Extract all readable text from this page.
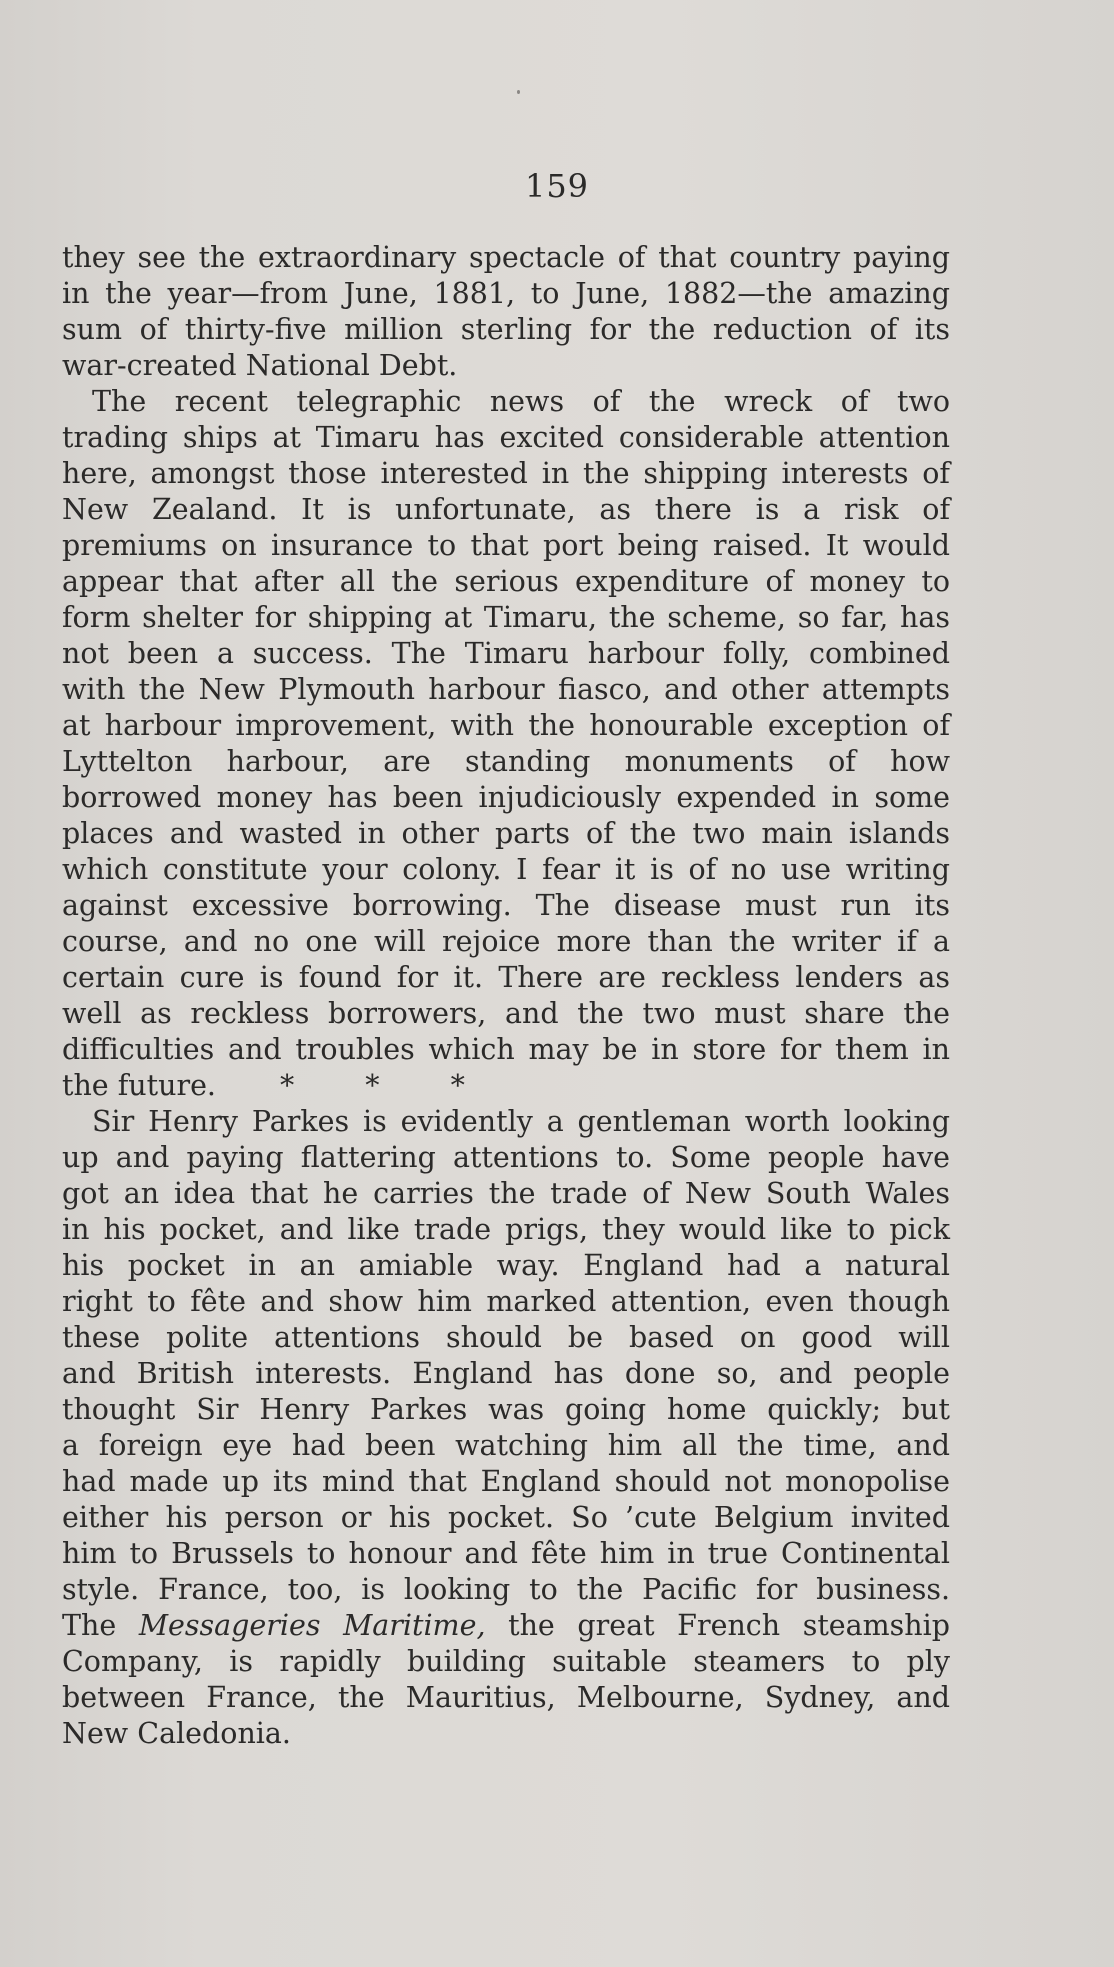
159
they see the extraordinary spectacle of that country paying
in the year—from June, 1881, to June, 1882—the amazing
sum of thirty-five million sterling for the reduction of its
war-created National Debt.
The recent telegraphic news of the wreck of two
trading ships at Timaru has excited considerable attention
here, amongst those interested in the shipping interests of
New Zealand. It is unfortunate, as there is a risk of
premiums on insurance to that port being raised. It would
appear that after all the serious expenditure of money to
form shelter for shipping at Timaru, the scheme, so far, has
not been a success. The Timaru harbour folly, combined
with the New Plymouth harbour fiasco, and other attempts
at harbour improvement, with the honourable exception of
Lyttelton harbour, are standing monuments of how
borrowed money has been injudiciously expended in some
places and wasted in other parts of the two main islands
which constitute your colony. I fear it is of no use writing
against excessive borrowing. The disease must run its
course, and no one will rejoice more than the writer if a
certain cure is found for it. There are reckless lenders as
well as reckless borrowers, and the two must share the
difficulties and troubles which may be in store for them in
the future. * * *
Sir Henry Parkes is evidently a gentleman worth looking
up and paying flattering attentions to. Some people have
got an idea that he carries the trade of New South Wales
in his pocket, and like trade prigs, they would like to pick
his pocket in an amiable way. England had a natural
right to fête and show him marked attention, even though
these polite attentions should be based on good will
and British interests. England has done so, and people
thought Sir Henry Parkes was going home quickly; but
a foreign eye had been watching him all the time, and
had made up its mind that England should not monopolise
either his person or his pocket. So ’cute Belgium invited
him to Brussels to honour and fête him in true Continental
style. France, too, is looking to the Pacific for business.
The Messageries Maritime, the great French steamship
Company, is rapidly building suitable steamers to ply
between France, the Mauritius, Melbourne, Sydney, and
New Caledonia.
